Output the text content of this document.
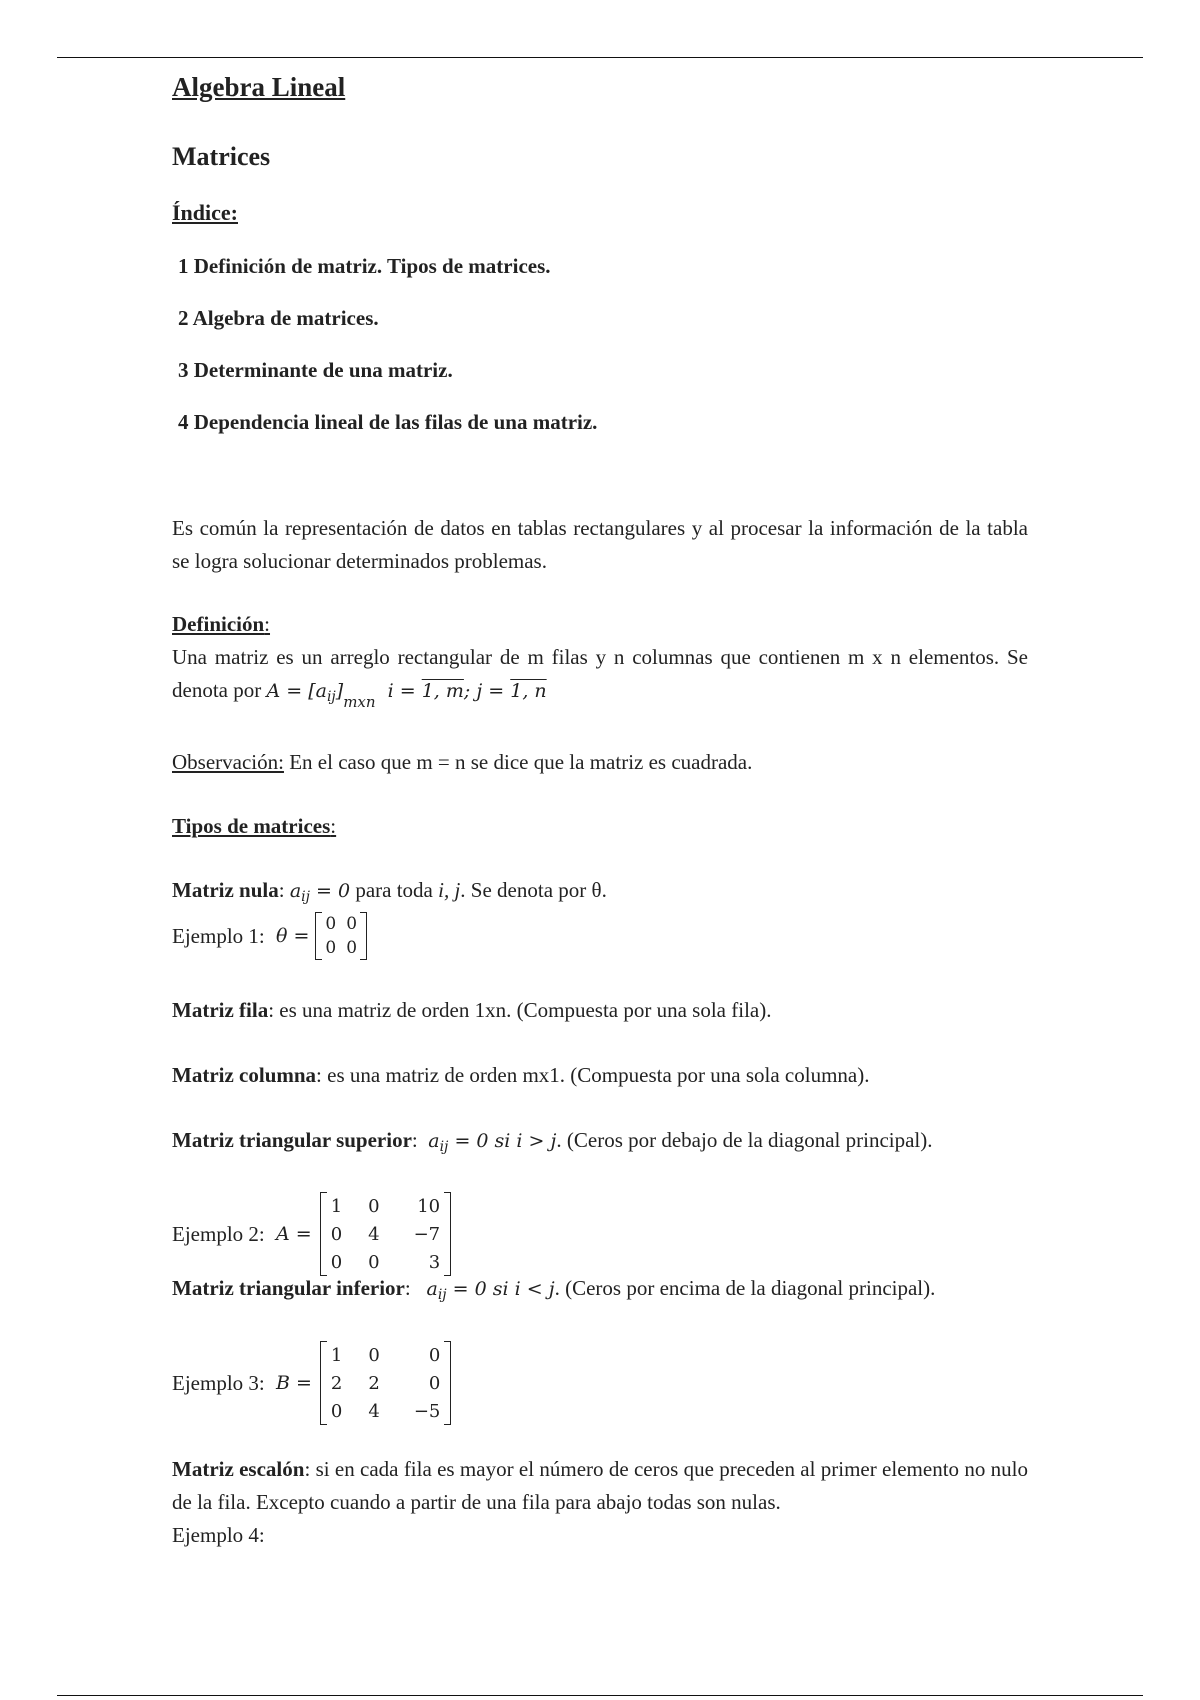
Algebra Lineal
Matrices
Índice:
1 Definición de matriz. Tipos de matrices.
2 Algebra de matrices.
3 Determinante de una matriz.
4 Dependencia lineal de las filas de una matriz.
Es común la representación de datos en tablas rectangulares y al procesar la información de la tabla se logra solucionar determinados problemas.
Definición:
Una matriz es un arreglo rectangular de m filas y n columnas que contienen m x n elementos. Se denota por $A = [a_{ij}]_{mxn}$ i = 1, m; j = 1, n
Observación: En el caso que m = n se dice que la matriz es cuadrada.
Tipos de matrices:
Matriz nula: $a_{ij} = 0$ para toda i, j. Se denota por θ.
Ejemplo 1:
θ =
0	0
0	0
Matriz fila: es una matriz de orden 1xn. (Compuesta por una sola fila).
Matriz columna: es una matriz de orden mx1. (Compuesta por una sola columna).
Matriz triangular superior:  $a_{ij} = 0$ si i > j. (Ceros por debajo de la diagonal principal).
Ejemplo 2:
A =
1	0	10
0	4	−7
0	0	3
Matriz triangular inferior:   $a_{ij} = 0$ si i < j. (Ceros por encima de la diagonal principal).
Ejemplo 3:
B =
1	0	0
2	2	0
0	4	−5
Matriz escalón: si en cada fila es mayor el número de ceros que preceden al primer elemento no nulo de la fila. Excepto cuando a partir de una fila para abajo todas son nulas.
Ejemplo 4:
